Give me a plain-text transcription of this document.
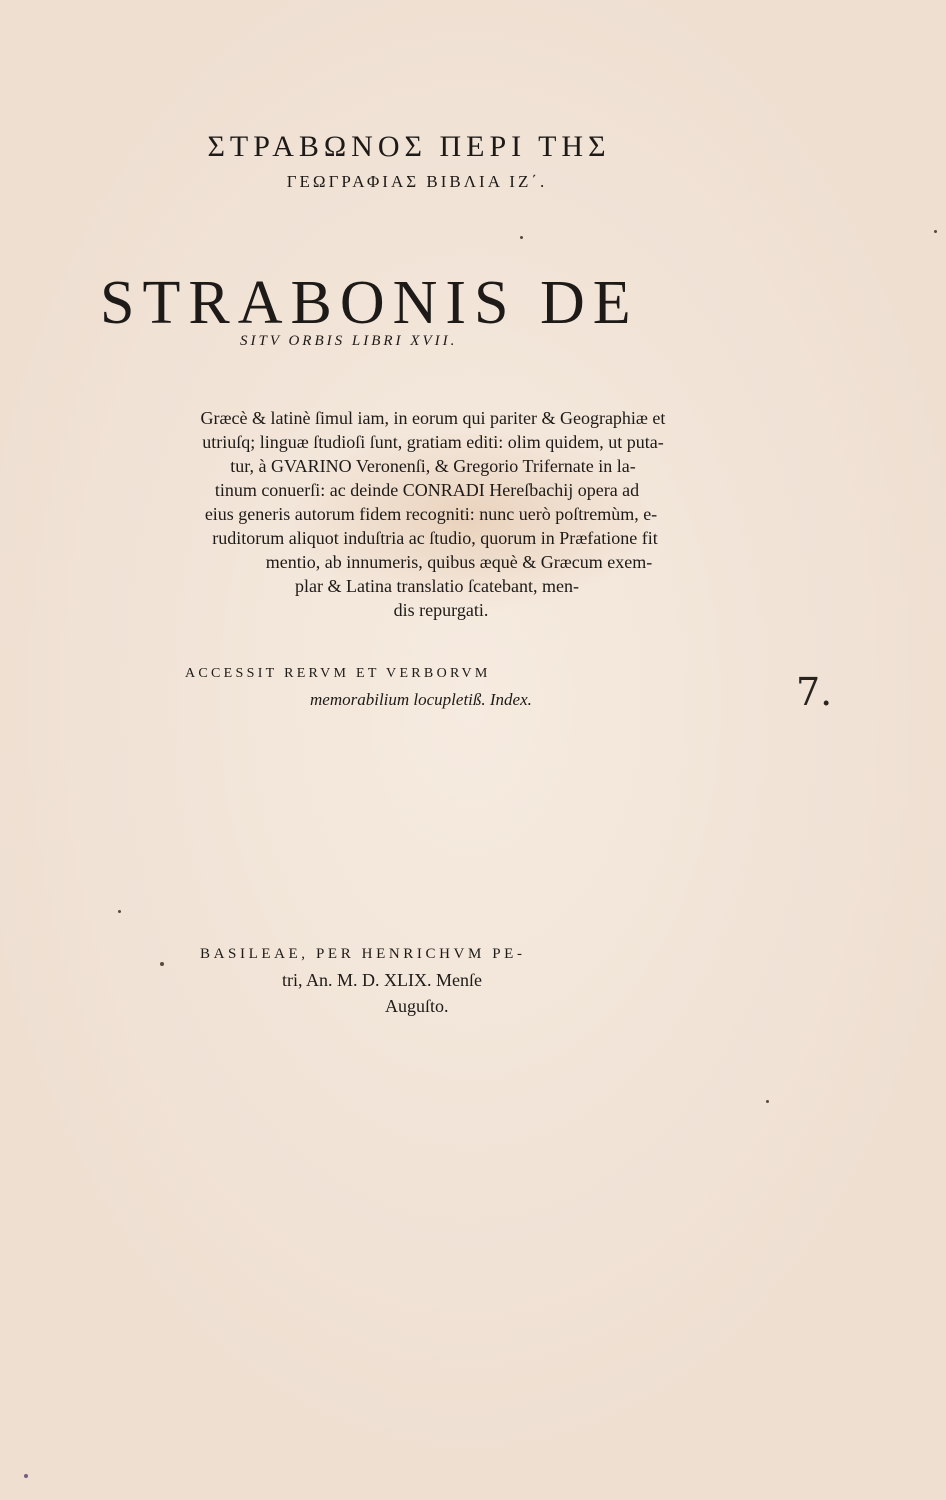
ΣΤΡΑΒΩΝΟΣ ΠΕΡΙ ΤΗΣ
ΓΕΩΓΡΑΦΙΑΣ ΒΙΒΛΙΑ ΙΖ΄.
STRABONIS DE
SITV ORBIS LIBRI XVII.
Græcè & latinè ſimul iam, in eorum qui pariter & Geographiæ et
utriuſq; linguæ ſtudioſi ſunt, gratiam editi: olim quidem, ut puta-
tur, à GVARINO Veronenſi, & Gregorio Trifernate in la-
tinum conuerſi: ac deinde CONRADI Hereſbachij opera ad
eius generis autorum fidem recogniti: nunc uerò poſtremùm, e-
ruditorum aliquot induſtria ac ſtudio, quorum in Præfatione fit
mentio, ab innumeris, quibus æquè & Græcum exem-
plar & Latina translatio ſcatebant, men-
dis repurgati.
ACCESSIT RERVM ET VERBORVM
memorabilium locupletiß. Index.	7.
BASILEAE, PER HENRICHVM PE-
tri, An. M. D. XLIX. Menſe
Auguſto.
